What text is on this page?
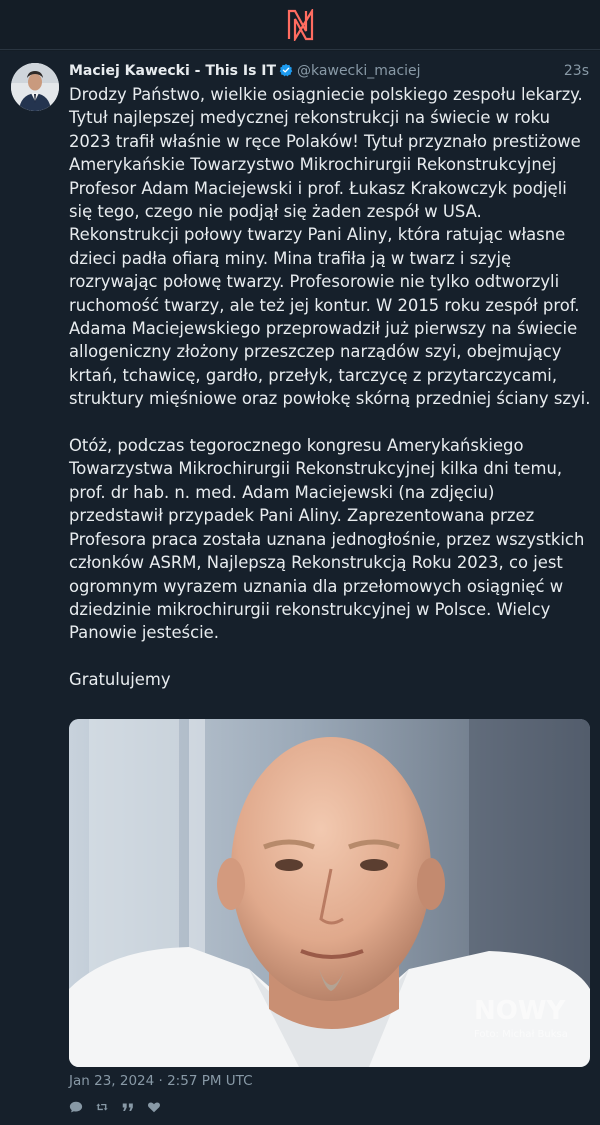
Maciej Kawecki - This Is IT @kawecki_maciej	23s

Drodzy Państwo, wielkie osiągniecie polskiego zespołu lekarzy. Tytuł najlepszej medycznej rekonstrukcji na świecie w roku 2023 trafił właśnie w ręce Polaków! Tytuł przyznało prestiżowe Amerykańskie Towarzystwo Mikrochirurgii Rekonstrukcyjnej    Profesor Adam Maciejewski i prof. Łukasz Krakowczyk podjęli się tego, czego nie podjął się żaden zespół w USA. Rekonstrukcji połowy twarzy Pani Aliny, która ratując własne dzieci padła ofiarą miny. Mina trafiła ją w twarz i szyję rozrywając połowę twarzy. Profesorowie nie tylko odtworzyli ruchomość twarzy, ale też jej kontur. W 2015 roku zespół prof. Adama Maciejewskiego przeprowadził już pierwszy na świecie allogeniczny złożony przeszczep narządów szyi, obejmujący krtań, tchawicę, gardło, przełyk, tarczycę z przytarczycami, struktury mięśniowe oraz powłokę skórną przedniej ściany szyi.

Otóż, podczas tegorocznego kongresu Amerykańskiego Towarzystwa Mikrochirurgii Rekonstrukcyjnej kilka dni temu, prof. dr hab. n. med. Adam Maciejewski (na zdjęciu) przedstawił przypadek Pani Aliny. Zaprezentowana przez Profesora praca została uznana jednogłośnie, przez wszystkich członków ASRM, Najlepszą Rekonstrukcją Roku 2023, co jest ogromnym wyrazem uznania dla przełomowych osiągnięć w dziedzinie mikrochirurgii rekonstrukcyjnej w Polsce. Wielcy Panowie jesteście.

Gratulujemy

NOWY
Foto: Michał Buksa
Jan 23, 2024 · 2:57 PM UTC
